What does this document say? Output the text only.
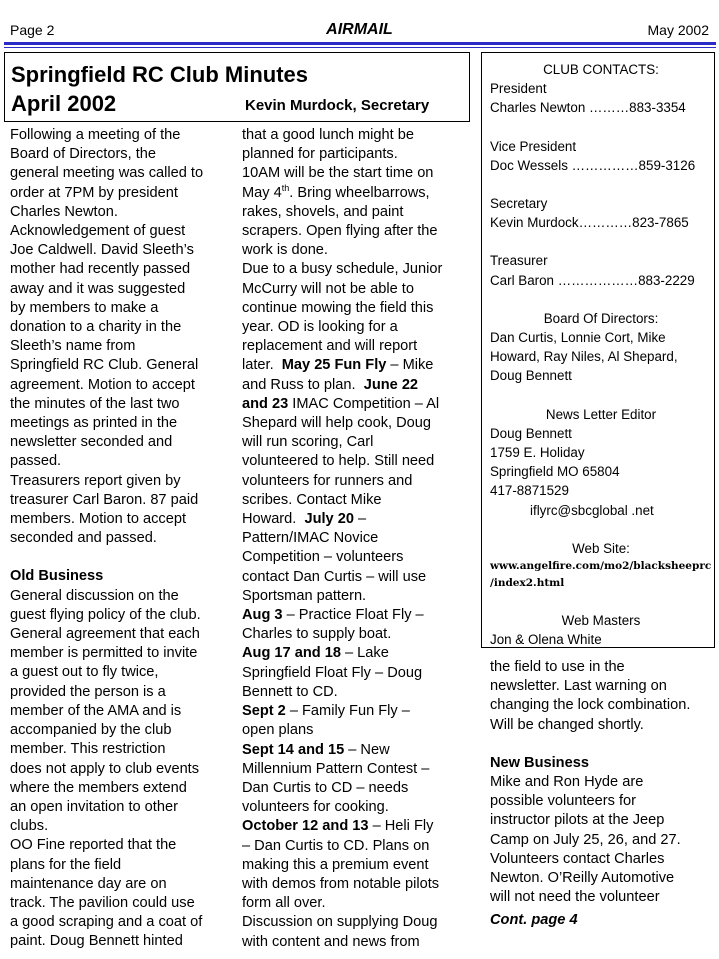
Page 2	AIRMAIL	May 2002
Springfield RC Club Minutes
April 2002	Kevin Murdock, Secretary

Following a meeting of the

Board of Directors, the

general meeting was called to

order at 7PM by president

Charles Newton.

Acknowledgement of guest

Joe Caldwell. David Sleeth’s

mother had recently passed

away and it was suggested

by members to make a

donation to a charity in the

Sleeth’s name from

Springfield RC Club. General

agreement. Motion to accept

the minutes of the last two

meetings as printed in the

newsletter seconded and

passed.

Treasurers report given by

treasurer Carl Baron. 87 paid

members. Motion to accept

seconded and passed.

Old Business

General discussion on the

guest flying policy of the club.

General agreement that each

member is permitted to invite

a guest out to fly twice,

provided the person is a

member of the AMA and is

accompanied by the club

member. This restriction

does not apply to club events

where the members extend

an open invitation to other

clubs.

OO Fine reported that the

plans for the field

maintenance day are on

track. The pavilion could use

a good scraping and a coat of

paint. Doug Bennett hinted

that a good lunch might be

planned for participants.

10AM will be the start time on

May 4th. Bring wheelbarrows,

rakes, shovels, and paint

scrapers. Open flying after the

work is done.

Due to a busy schedule, Junior

McCurry will not be able to

continue mowing the field this

year. OD is looking for a

replacement and will report

later.  May 25 Fun Fly – Mike

and Russ to plan.  June 22

and 23 IMAC Competition – Al

Shepard will help cook, Doug

will run scoring, Carl

volunteered to help. Still need

volunteers for runners and

scribes. Contact Mike

Howard.  July 20 –

Pattern/IMAC Novice

Competition – volunteers

contact Dan Curtis – will use

Sportsman pattern.

Aug 3 – Practice Float Fly –

Charles to supply boat.

Aug 17 and 18 – Lake

Springfield Float Fly – Doug

Bennett to CD.

Sept 2 – Family Fun Fly –

open plans

Sept 14 and 15 – New

Millennium Pattern Contest –

Dan Curtis to CD – needs

volunteers for cooking.

October 12 and 13 – Heli Fly

– Dan Curtis to CD. Plans on

making this a premium event

with demos from notable pilots

form all over.

Discussion on supplying Doug

with content and news from

CLUB CONTACTS:

President

Charles Newton ………883-3354

Vice President

Doc Wessels ……………859-3126

Secretary

Kevin Murdock…………823-7865

Treasurer

Carl Baron ………………883-2229

Board Of Directors:

Dan Curtis, Lonnie Cort, Mike

Howard, Ray Niles, Al Shepard,

Doug Bennett

News Letter Editor

Doug Bennett

1759 E. Holiday

Springfield MO 65804

417-8871529

iflyrc@sbcglobal .net

Web Site:

www.angelfire.com/mo2/blacksheeprc

/index2.html

Web Masters

Jon & Olena White

the field to use in the

newsletter. Last warning on

changing the lock combination.

Will be changed shortly.

New Business

Mike and Ron Hyde are

possible volunteers for

instructor pilots at the Jeep

Camp on July 25, 26, and 27.

Volunteers contact Charles

Newton. O’Reilly Automotive

will not need the volunteer

Cont. page 4
